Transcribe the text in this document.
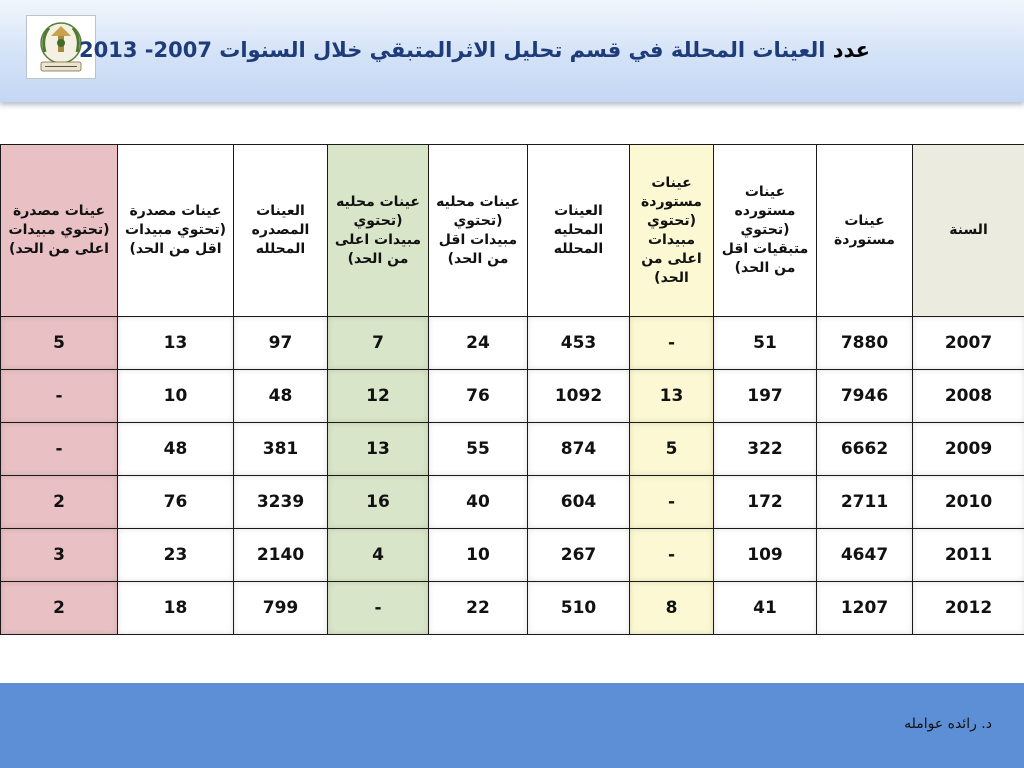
عدد العينات المحللة في قسم تحليل الاثرالمتبقي خلال السنوات 2007- 2013
السنة	عينات مستوردة	عينات مستورده (تحتوي متبقيات اقل من الحد)	عينات مستوردة (تحتوي مبيدات اعلى من الحد)	العينات المحليه المحلله	عينات محليه (تحتوي مبيدات اقل من الحد)	عينات محليه (تحتوي مبيدات اعلى من الحد)	العينات المصدره المحلله	عينات مصدرة (تحتوي مبيدات اقل من الحد)	عينات مصدرة (تحتوي مبيدات اعلى من الحد)
2007	7880	51	-	453	24	7	97	13	5
2008	7946	197	13	1092	76	12	48	10	-
2009	6662	322	5	874	55	13	381	48	-
2010	2711	172	-	604	40	16	3239	76	2
2011	4647	109	-	267	10	4	2140	23	3
2012	1207	41	8	510	22	-	799	18	2
د. رائده عوامله
